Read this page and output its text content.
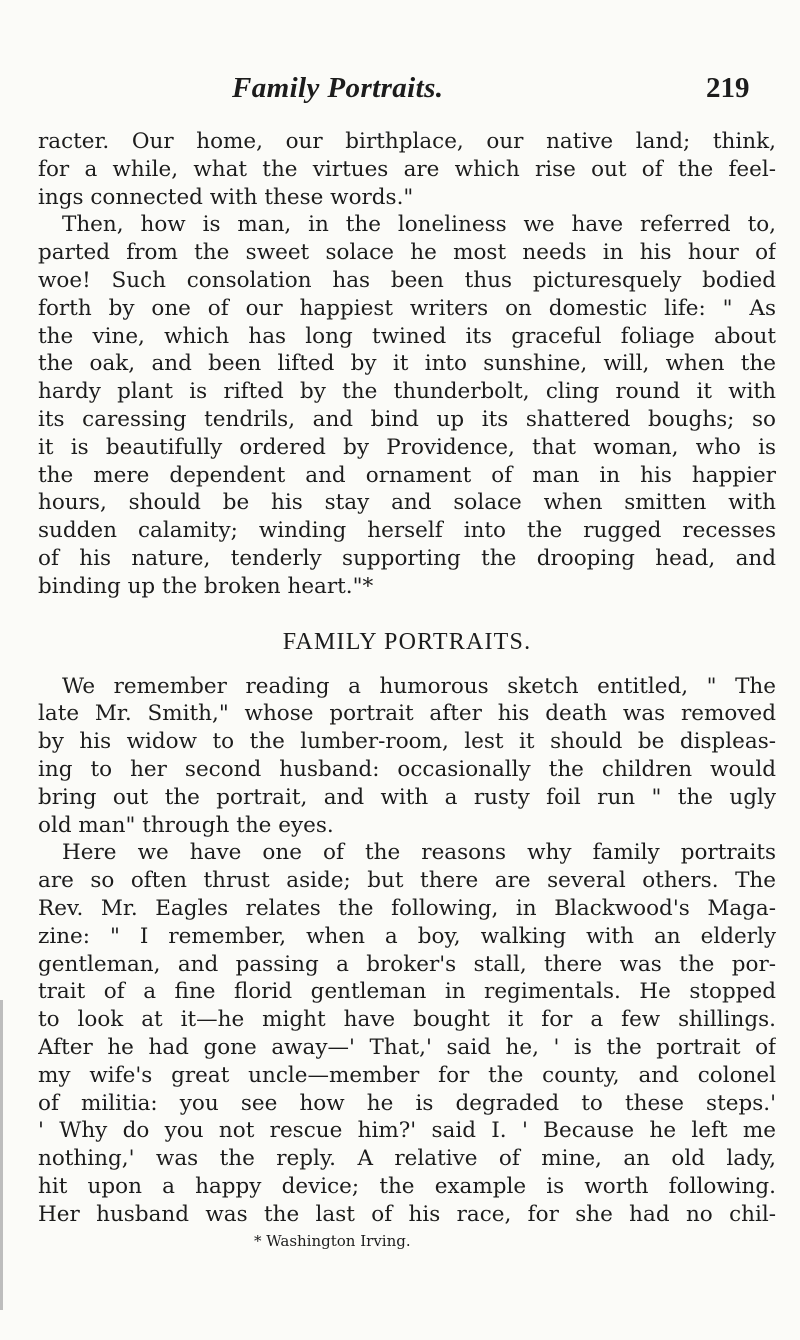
Family Portraits.	219
racter. Our home, our birthplace, our native land; think,
for a while, what the virtues are which rise out of the feel-
ings connected with these words."
Then, how is man, in the loneliness we have referred to,
parted from the sweet solace he most needs in his hour of
woe! Such consolation has been thus picturesquely bodied
forth by one of our happiest writers on domestic life: " As
the vine, which has long twined its graceful foliage about
the oak, and been lifted by it into sunshine, will, when the
hardy plant is rifted by the thunderbolt, cling round it with
its caressing tendrils, and bind up its shattered boughs; so
it is beautifully ordered by Providence, that woman, who is
the mere dependent and ornament of man in his happier
hours, should be his stay and solace when smitten with
sudden calamity; winding herself into the rugged recesses
of his nature, tenderly supporting the drooping head, and
binding up the broken heart."*
FAMILY PORTRAITS.
We remember reading a humorous sketch entitled, " The
late Mr. Smith," whose portrait after his death was removed
by his widow to the lumber-room, lest it should be displeas-
ing to her second husband: occasionally the children would
bring out the portrait, and with a rusty foil run " the ugly
old man" through the eyes.
Here we have one of the reasons why family portraits
are so often thrust aside; but there are several others. The
Rev. Mr. Eagles relates the following, in Blackwood's Maga-
zine: " I remember, when a boy, walking with an elderly
gentleman, and passing a broker's stall, there was the por-
trait of a fine florid gentleman in regimentals. He stopped
to look at it—he might have bought it for a few shillings.
After he had gone away—' That,' said he, ' is the portrait of
my wife's great uncle—member for the county, and colonel
of militia: you see how he is degraded to these steps.'
' Why do you not rescue him?' said I. ' Because he left me
nothing,' was the reply. A relative of mine, an old lady,
hit upon a happy device; the example is worth following.
Her husband was the last of his race, for she had no chil-
* Washington Irving.
